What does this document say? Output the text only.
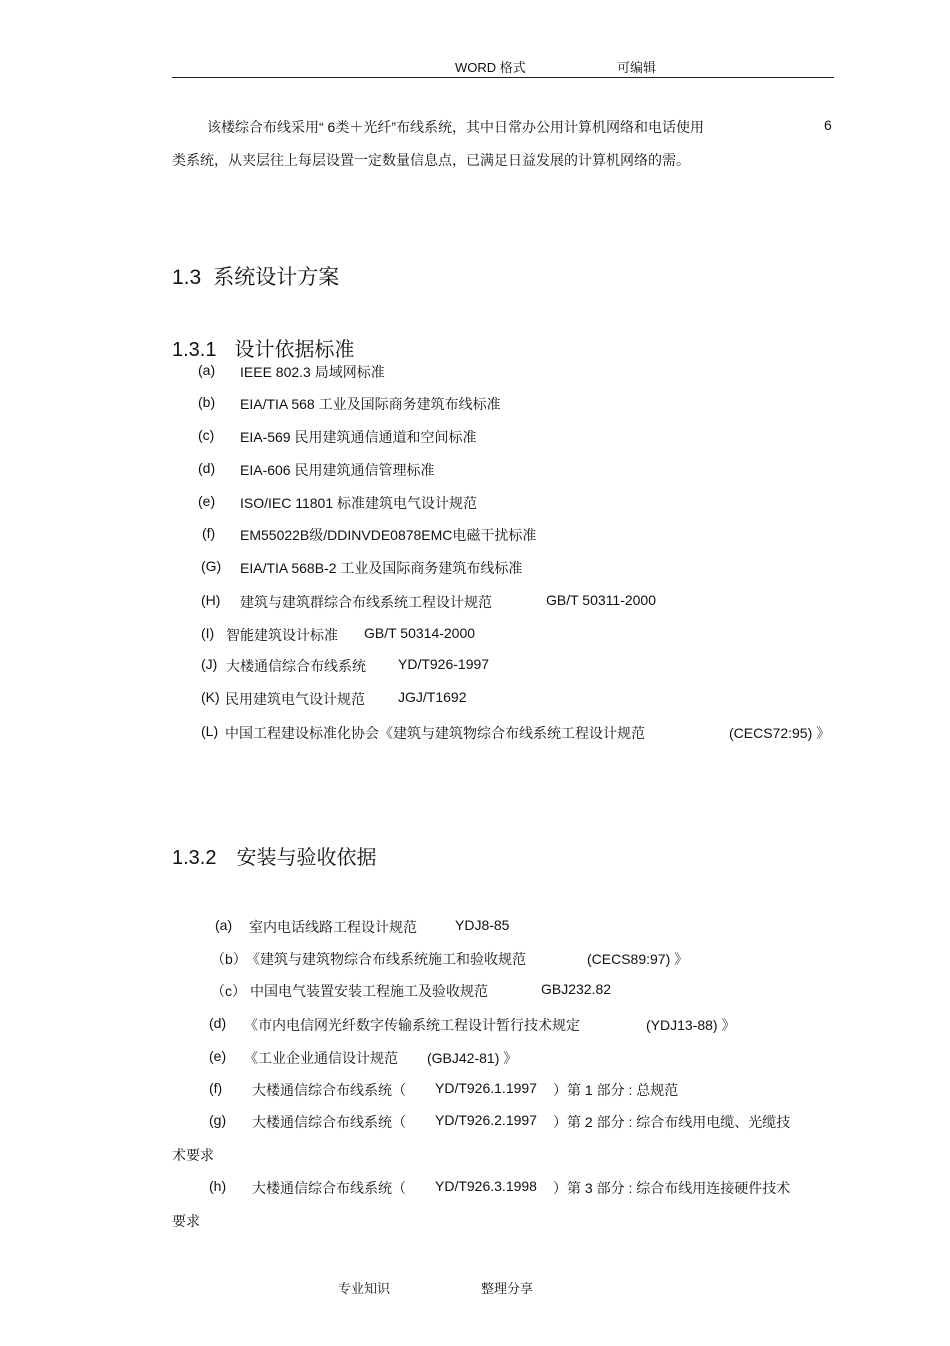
WORD 格式	可编辑
该楼综合布线采用“ 6类＋光纤”布线系统，其中日常办公用计算机网络和电话使用	6
类系统，从夹层往上每层设置一定数量信息点，已满足日益发展的计算机网络的需。
1.3 系统设计方案
1.3.1 设计依据标准
(a) IEEE 802.3 局域网标准
(b) EIA/TIA 568 工业及国际商务建筑布线标准
(c) EIA-569 民用建筑通信通道和空间标准
(d) EIA-606 民用建筑通信管理标准
(e) ISO/IEC 11801 标准建筑电气设计规范
(f) EM55022B级/DDINVDE0878EMC电磁干扰标准
(G) EIA/TIA 568B-2 工业及国际商务建筑布线标准
(H) 建筑与建筑群综合布线系统工程设计规范	GB/T 50311-2000
(I) 智能建筑设计标准 GB/T 50314-2000
(J) 大楼通信综合布线系统 YD/T926-1997
(K) 民用建筑电气设计规范 JGJ/T1692
(L) 中国工程建设标准化协会《建筑与建筑物综合布线系统工程设计规范	(CECS72:95) 》
1.3.2 安装与验收依据
(a) 室内电话线路工程设计规范	YDJ8-85
（b） 《建筑与建筑物综合布线系统施工和验收规范	(CECS89:97) 》
（c） 中国电气装置安装工程施工及验收规范	GBJ232.82
(d) 《市内电信网光纤数字传输系统工程设计暂行技术规定	(YDJ13-88) 》
(e) 《工业企业通信设计规范 (GBJ42-81) 》
(f) 大楼通信综合布线系统（ YD/T926.1.1997 ）第 1 部分 : 总规范
(g) 大楼通信综合布线系统（ YD/T926.2.1997 ）第 2 部分 : 综合布线用电缆、光缆技
术要求
(h) 大楼通信综合布线系统（ YD/T926.3.1998 ）第 3 部分 : 综合布线用连接硬件技术
要求
专业知识	整理分享
